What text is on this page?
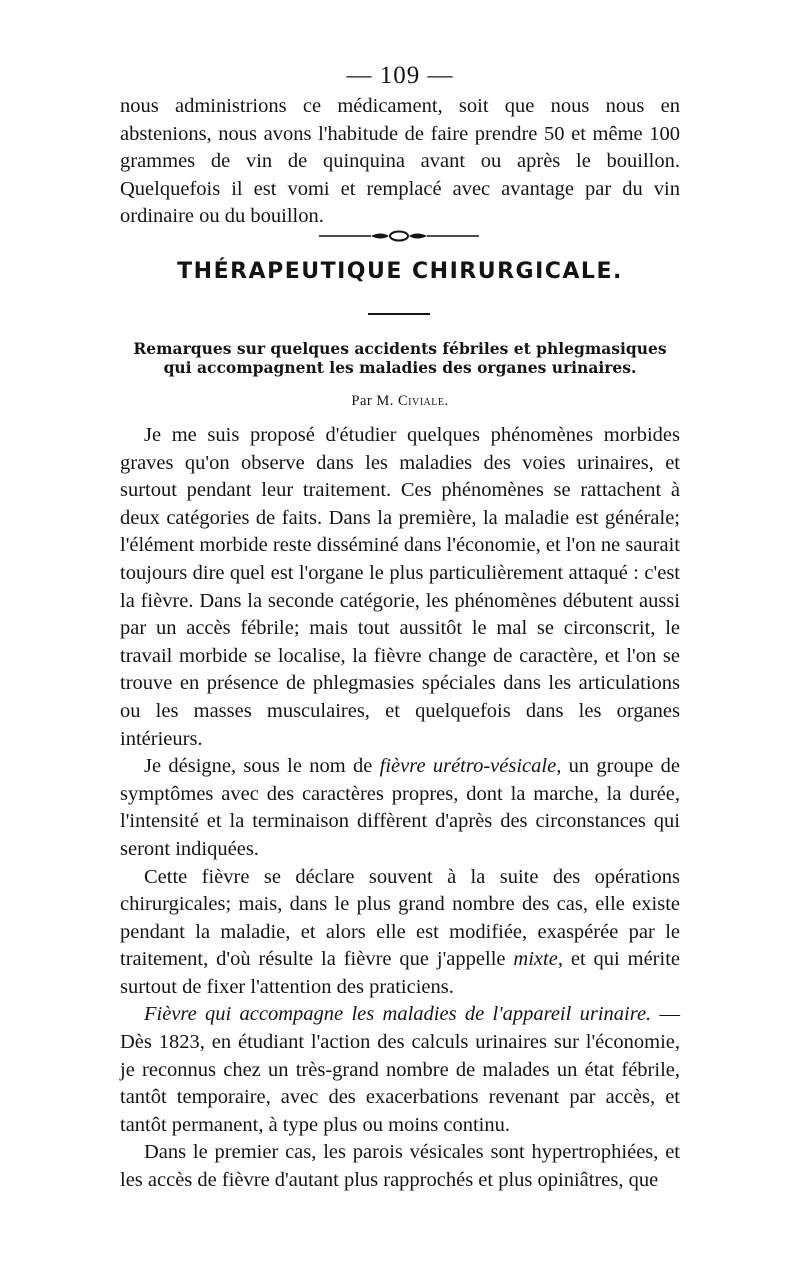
— 109 —

nous administrions ce médicament, soit que nous nous en abstenions, nous avons l'habitude de faire prendre 50 et même 100 grammes de vin de quinquina avant ou après le bouillon. Quelquefois il est vomi et remplacé avec avantage par du vin ordinaire ou du bouillon.

THÉRAPEUTIQUE CHIRURGICALE.
Remarques sur quelques accidents fébriles et phlegmasiques qui accompagnent les maladies des organes urinaires.
Par M. Civiale.

Je me suis proposé d'étudier quelques phénomènes morbides graves qu'on observe dans les maladies des voies urinaires, et surtout pendant leur traitement. Ces phénomènes se rattachent à deux catégories de faits. Dans la première, la maladie est générale; l'élément morbide reste disséminé dans l'économie, et l'on ne saurait toujours dire quel est l'organe le plus particulièrement attaqué : c'est la fièvre. Dans la seconde catégorie, les phénomènes débutent aussi par un accès fébrile; mais tout aussitôt le mal se circonscrit, le travail morbide se localise, la fièvre change de caractère, et l'on se trouve en présence de phlegmasies spéciales dans les articulations ou les masses musculaires, et quelquefois dans les organes intérieurs.

Je désigne, sous le nom de fièvre urétro-vésicale, un groupe de symptômes avec des caractères propres, dont la marche, la durée, l'intensité et la terminaison diffèrent d'après des circonstances qui seront indiquées.

Cette fièvre se déclare souvent à la suite des opérations chirurgicales; mais, dans le plus grand nombre des cas, elle existe pendant la maladie, et alors elle est modifiée, exaspérée par le traitement, d'où résulte la fièvre que j'appelle mixte, et qui mérite surtout de fixer l'attention des praticiens.

Fièvre qui accompagne les maladies de l'appareil urinaire. — Dès 1823, en étudiant l'action des calculs urinaires sur l'économie, je reconnus chez un très-grand nombre de malades un état fébrile, tantôt temporaire, avec des exacerbations revenant par accès, et tantôt permanent, à type plus ou moins continu.

Dans le premier cas, les parois vésicales sont hypertrophiées, et les accès de fièvre d'autant plus rapprochés et plus opiniâtres, que
